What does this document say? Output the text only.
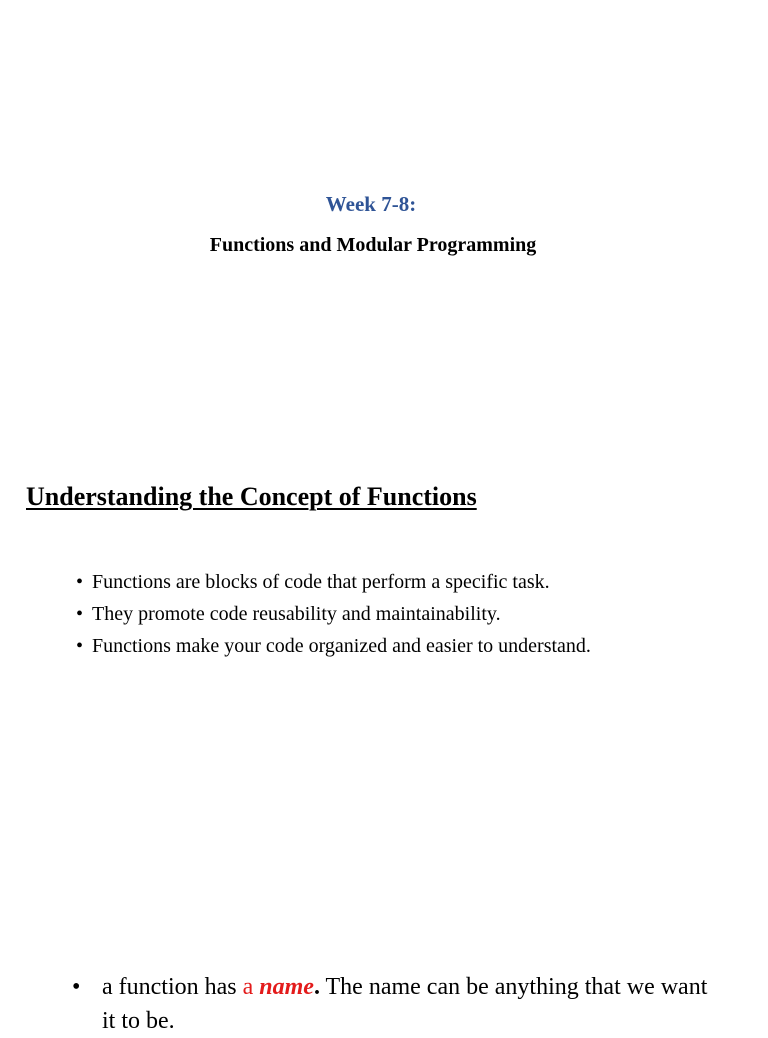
Week 7-8:
Functions and Modular Programming
Understanding the Concept of Functions
• Functions are blocks of code that perform a specific task.
• They promote code reusability and maintainability.
• Functions make your code organized and easier to understand.
• a function has a name. The name can be anything that we want it to be.
